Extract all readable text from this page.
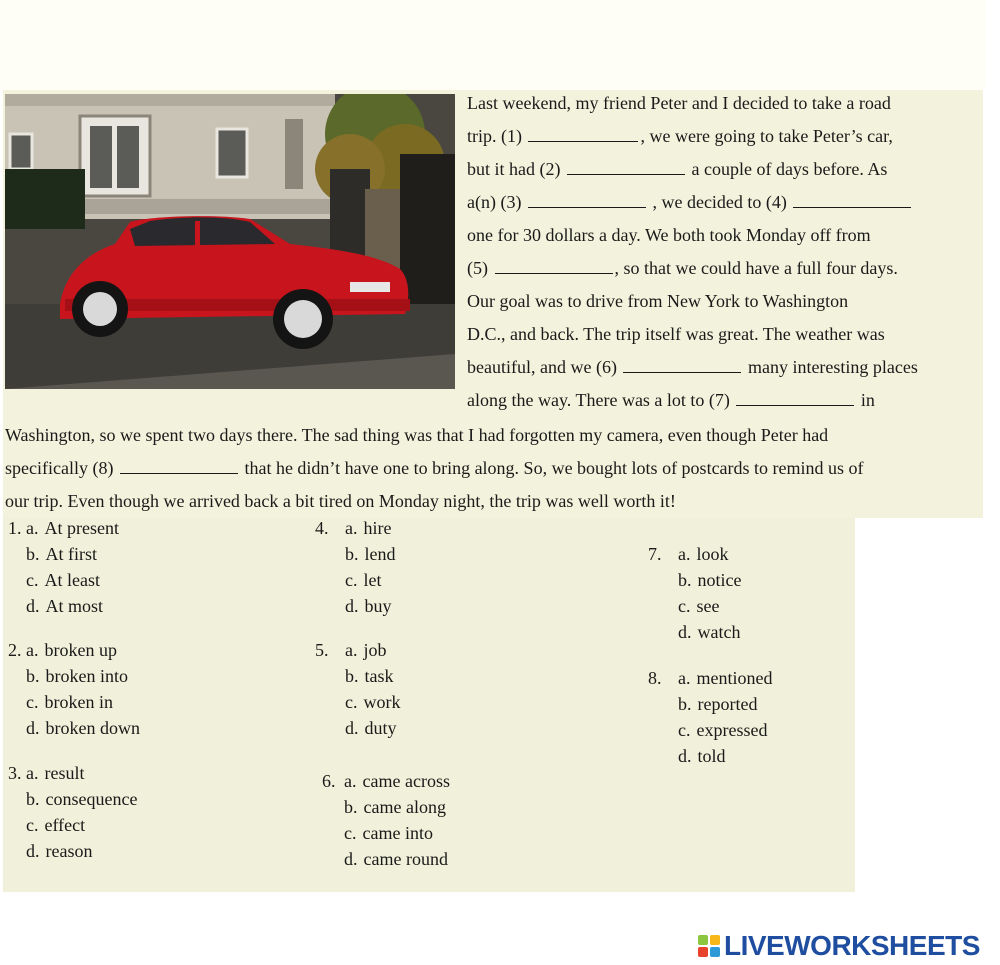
Last weekend, my friend Peter and I decided to take a road
trip. (1)	, we were going to take Peter’s car,
but it had (2)	a couple of days before. As
a(n) (3)	, we decided to (4)
one for 30 dollars a day. We both took Monday off from
(5)	, so that we could have a full four days.
Our goal was to drive from New York to Washington
D.C., and back. The trip itself was great. The weather was
beautiful, and we (6)	many interesting places
along the way. There was a lot to (7)	in
Washington, so we spent two days there. The sad thing was that I had forgotten my camera, even though Peter had
specifically (8)	that he didn’t have one to bring along. So, we bought lots of postcards to remind us of
our trip. Even though we arrived back a bit tired on Monday night, the trip was well worth it!
1. a. At present
b. At first
c. At least
d. At most
2. a. broken up
b. broken into
c. broken in
d. broken down
3. a. result
b. consequence
c. effect
d. reason
4. a. hire
b. lend
c. let
d. buy
5. a. job
b. task
c. work
d. duty
6. a. came across
b. came along
c. came into
d. came round
7. a. look
b. notice
c. see
d. watch
8. a. mentioned
b. reported
c. expressed
d. told
LIVEWORKSHEETS
